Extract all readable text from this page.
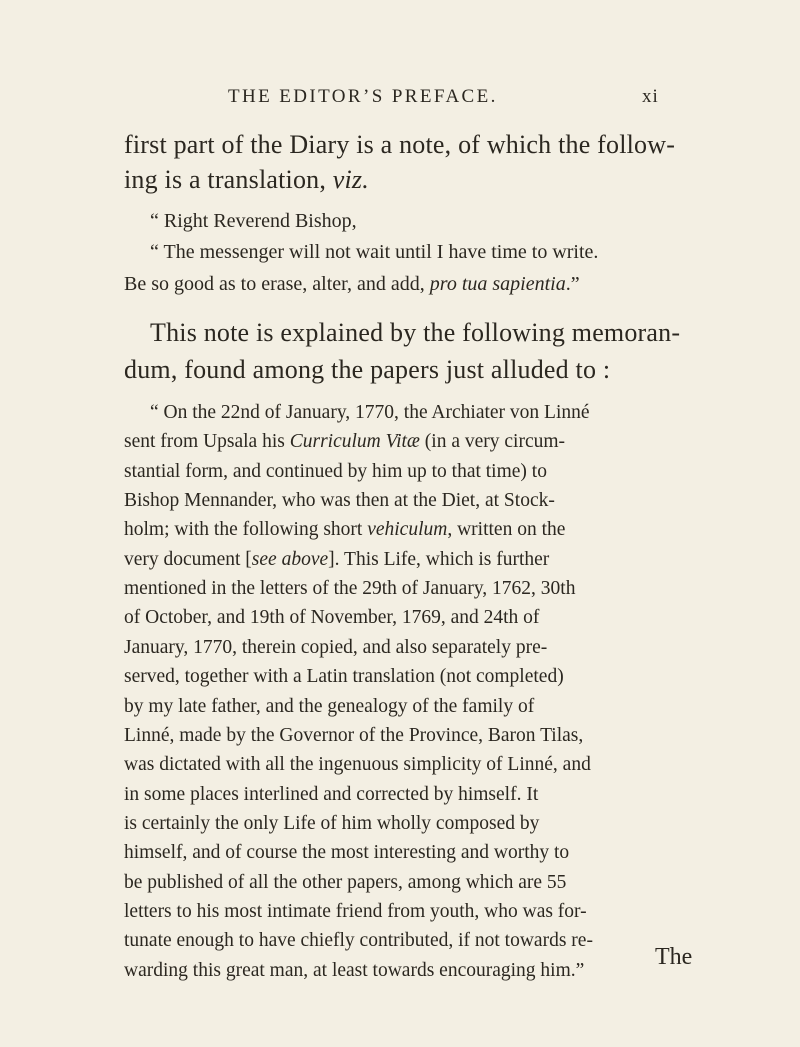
THE EDITOR’S PREFACE.	xi
first part of the Diary is a note, of which the follow-
ing is a translation, viz.
“ Right Reverend Bishop,
“ The messenger will not wait until I have time to write.
Be so good as to erase, alter, and add, pro tua sapientia.”
This note is explained by the following memoran-
dum, found among the papers just alluded to :
“ On the 22nd of January, 1770, the Archiater von Linné
sent from Upsala his Curriculum Vitæ (in a very circum-
stantial form, and continued by him up to that time) to
Bishop Mennander, who was then at the Diet, at Stock-
holm; with the following short vehiculum, written on the
very document [see above]. This Life, which is further
mentioned in the letters of the 29th of January, 1762, 30th
of October, and 19th of November, 1769, and 24th of
January, 1770, therein copied, and also separately pre-
served, together with a Latin translation (not completed)
by my late father, and the genealogy of the family of
Linné, made by the Governor of the Province, Baron Tilas,
was dictated with all the ingenuous simplicity of Linné, and
in some places interlined and corrected by himself. It
is certainly the only Life of him wholly composed by
himself, and of course the most interesting and worthy to
be published of all the other papers, among which are 55
letters to his most intimate friend from youth, who was for-
tunate enough to have chiefly contributed, if not towards re-
warding this great man, at least towards encouraging him.”
The
